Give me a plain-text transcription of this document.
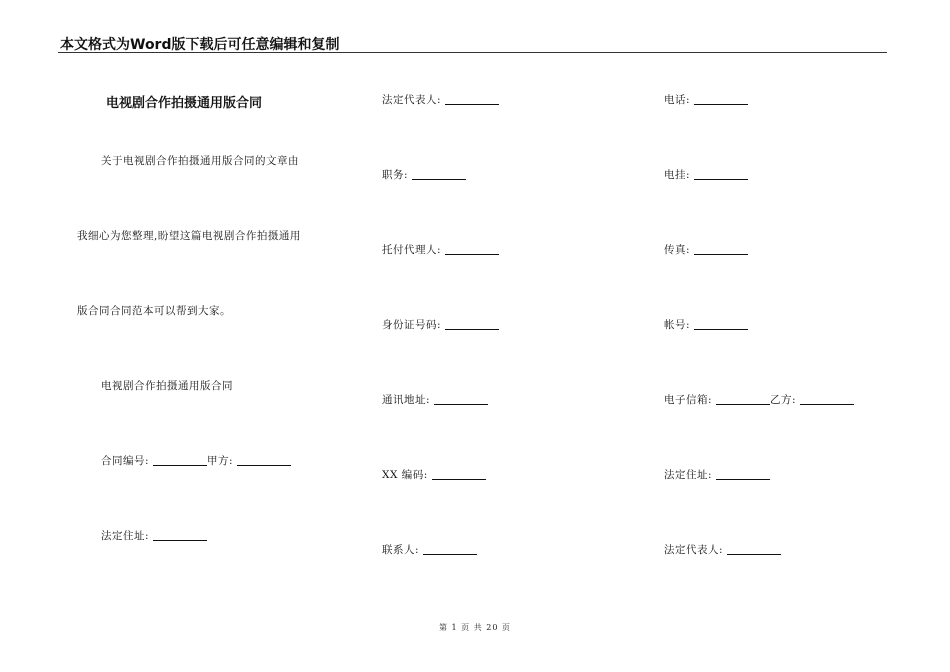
本文格式为Word版下载后可任意编辑和复制
电视剧合作拍摄通用版合同
关于电视剧合作拍摄通用版合同的文章由
我细心为您整理,盼望这篇电视剧合作拍摄通用
版合同合同范本可以帮到大家。
电视剧合作拍摄通用版合同
合同编号:	甲方:
法定住址:
法定代表人:
职务:
托付代理人:
身份证号码:
通讯地址:
XX 编码:
联系人:
电话:
电挂:
传真:
帐号:
电子信箱:	乙方:
法定住址:
法定代表人:
第 1 页 共 20 页
